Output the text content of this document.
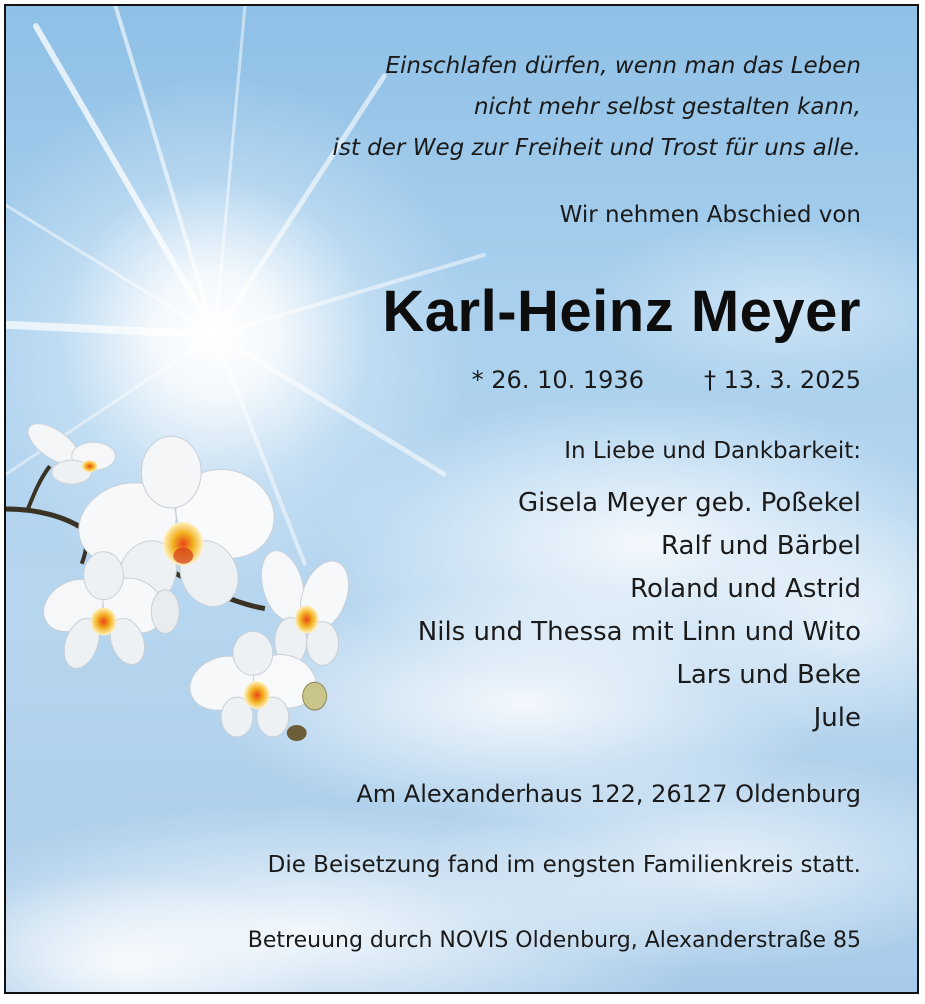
Einschlafen dürfen, wenn man das Leben
nicht mehr selbst gestalten kann,
ist der Weg zur Freiheit und Trost für uns alle.
Wir nehmen Abschied von
Karl-Heinz Meyer
* 26. 10. 1936	† 13. 3. 2025
In Liebe und Dankbarkeit:
Gisela Meyer geb. Poßekel
Ralf und Bärbel
Roland und Astrid
Nils und Thessa mit Linn und Wito
Lars und Beke
Jule
Am Alexanderhaus 122, 26127 Oldenburg
Die Beisetzung fand im engsten Familienkreis statt.
Betreuung durch NOVIS Oldenburg, Alexanderstraße 85
